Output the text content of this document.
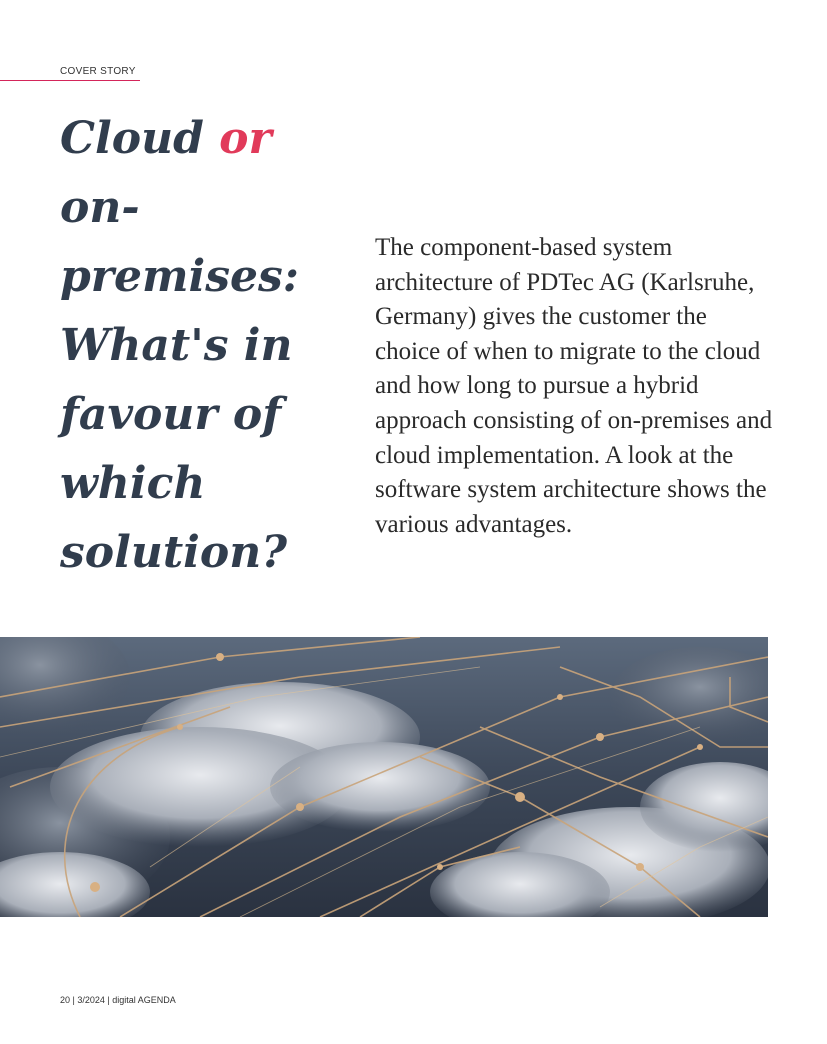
COVER STORY
Cloud or
on-premises: What's in favour of which solution?

The component-based system architecture of PDTec AG (Karlsruhe, Germany) gives the customer the choice of when to migrate to the cloud and how long to pursue a hybrid approach consisting of on-premises and cloud implementation. A look at the software system architecture shows the various advantages.

20 | 3/2024 | digital AGENDA
